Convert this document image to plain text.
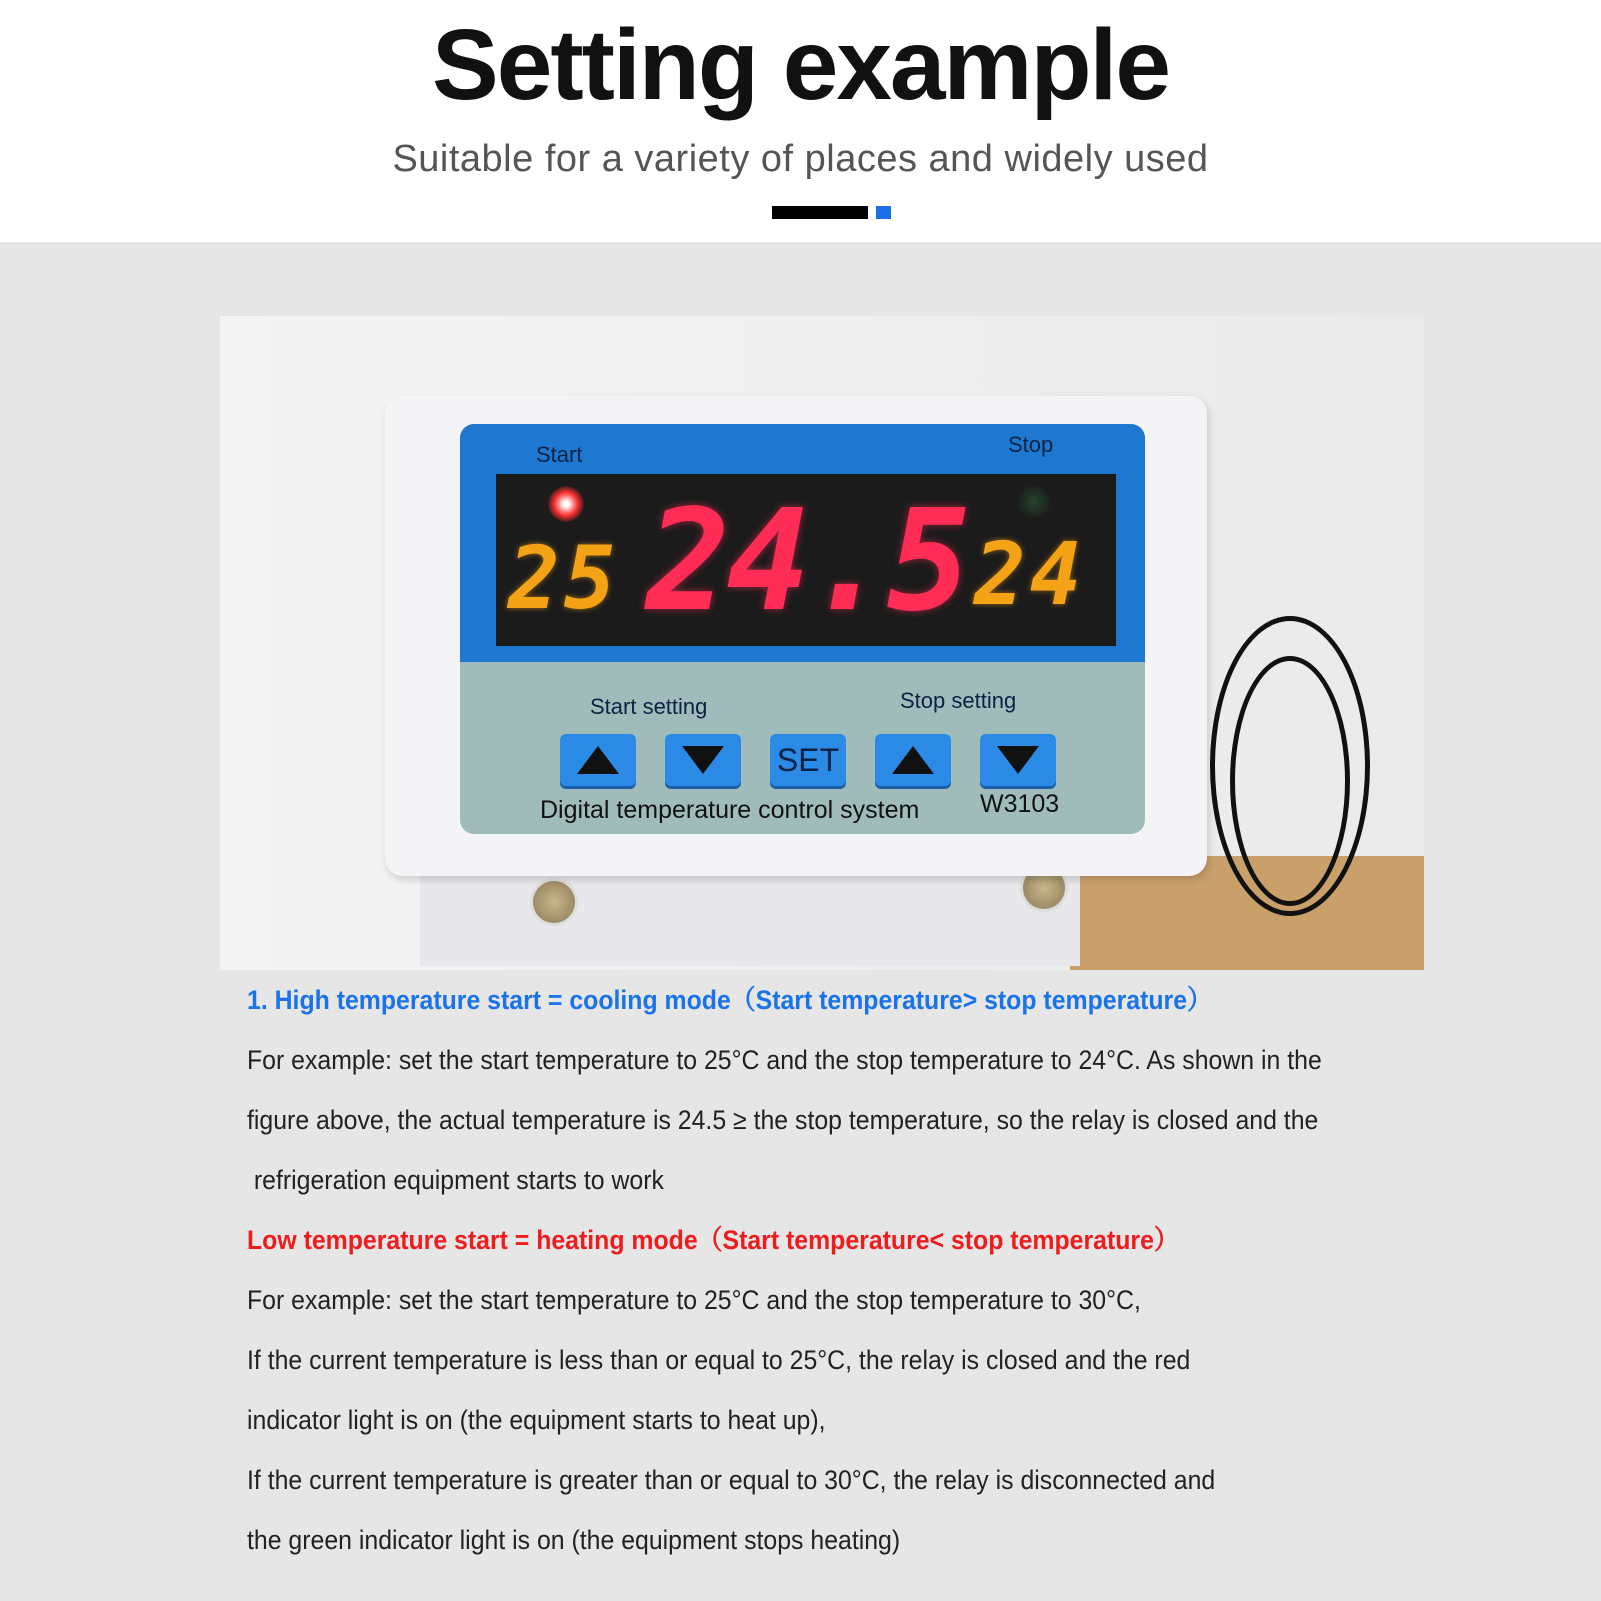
Setting example
Suitable for a variety of places and widely used
Start	Stop
25 24.5 24
Start setting	Stop setting
SET
Digital temperature control system W3103
1. High temperature start = cooling mode（Start temperature> stop temperature）
For example: set the start temperature to 25°C and the stop temperature to 24°C. As shown in the
figure above, the actual temperature is 24.5 ≥ the stop temperature, so the relay is closed and the
refrigeration equipment starts to work
Low temperature start = heating mode（Start temperature< stop temperature）
For example: set the start temperature to 25°C and the stop temperature to 30°C,
If the current temperature is less than or equal to 25°C, the relay is closed and the red
indicator light is on (the equipment starts to heat up),
If the current temperature is greater than or equal to 30°C, the relay is disconnected and
the green indicator light is on (the equipment stops heating)
